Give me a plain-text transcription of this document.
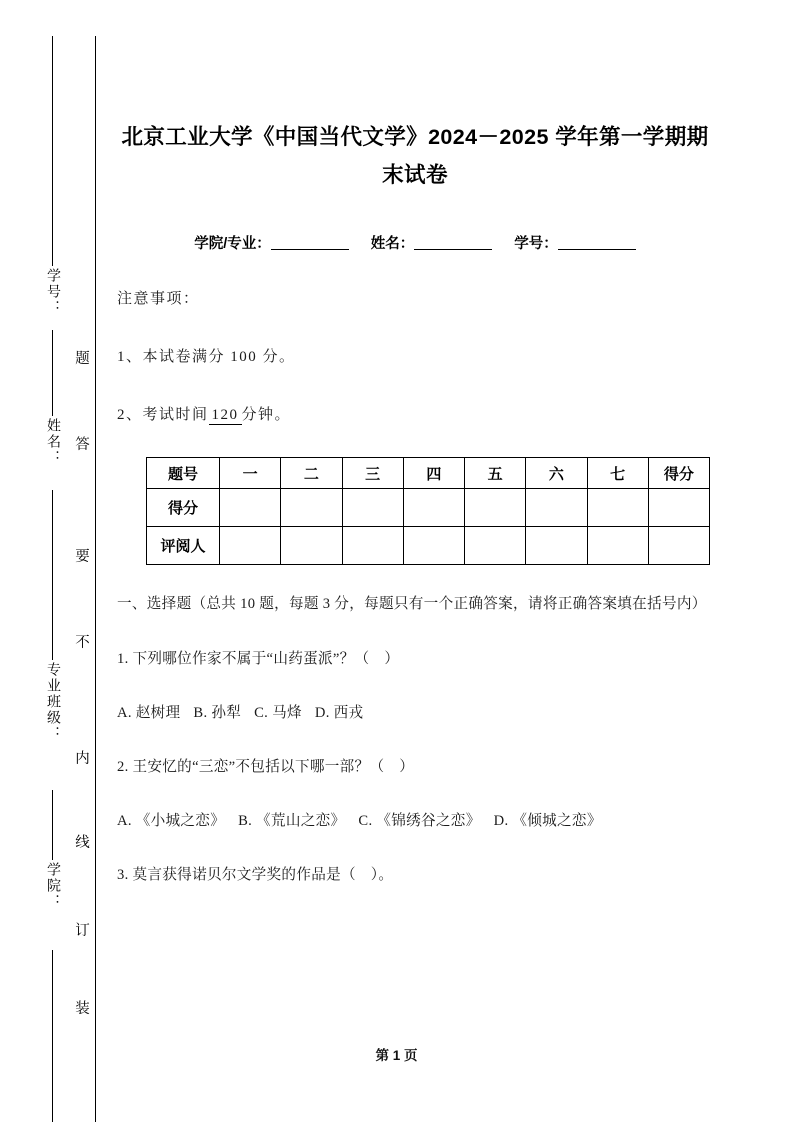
学号：
姓名：
专业班级：
学院：
题
答
要
不
内
线
订
装
北京工业大学《中国当代文学》2024－2025 学年第一学期期末试卷
学院/专业：	姓名：	学号：

注意事项：

1、本试卷满分 100 分。

2、考试时间 120 分钟。

题号	一	二	三	四	五	六	七	得分
得分								
评阅人								

一、选择题（总共 10 题，每题 3 分，每题只有一个正确答案，请将正确答案填在括号内）

1. 下列哪位作家不属于“山药蛋派”？（　）

A. 赵树理 B. 孙犁 C. 马烽 D. 西戎

2. 王安忆的“三恋”不包括以下哪一部？（　）

A. 《小城之恋》 B. 《荒山之恋》 C. 《锦绣谷之恋》 D. 《倾城之恋》

3. 莫言获得诺贝尔文学奖的作品是（　）。

第 1 页
